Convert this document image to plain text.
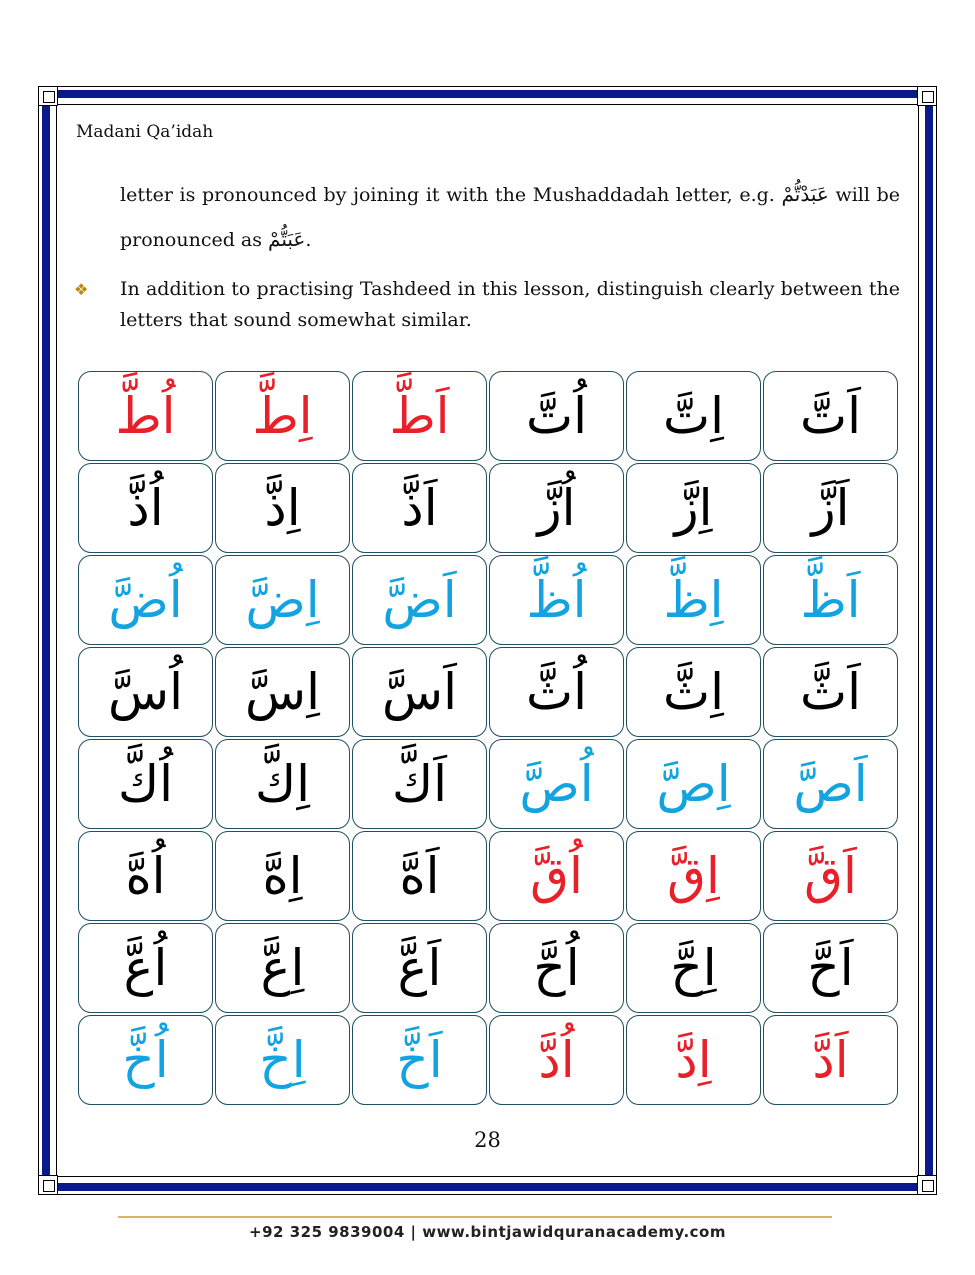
Madani Qa’idah
letter is pronounced by joining it with the Mushaddadah letter, e.g. عَبَدْتُّمْ will be pronounced as عَبَتُّمْ.
❖ In addition to practising Tashdeed in this lesson, distinguish clearly between the letters that sound somewhat similar.
اُطَّ	اِطَّ	اَطَّ	اُتَّ	اِتَّ	اَتَّ
اُذَّ	اِذَّ	اَذَّ	اُزَّ	اِزَّ	اَزَّ
اُضَّ	اِضَّ	اَضَّ	اُظَّ	اِظَّ	اَظَّ
اُسَّ	اِسَّ	اَسَّ	اُثَّ	اِثَّ	اَثَّ
اُكَّ	اِكَّ	اَكَّ	اُصَّ	اِصَّ	اَصَّ
اُهَّ	اِهَّ	اَهَّ	اُقَّ	اِقَّ	اَقَّ
اُعَّ	اِعَّ	اَعَّ	اُحَّ	اِحَّ	اَحَّ
اُخَّ	اِخَّ	اَخَّ	اُدَّ	اِدَّ	اَدَّ
28
+92 325 9839004 | www.bintjawidquranacademy.com
